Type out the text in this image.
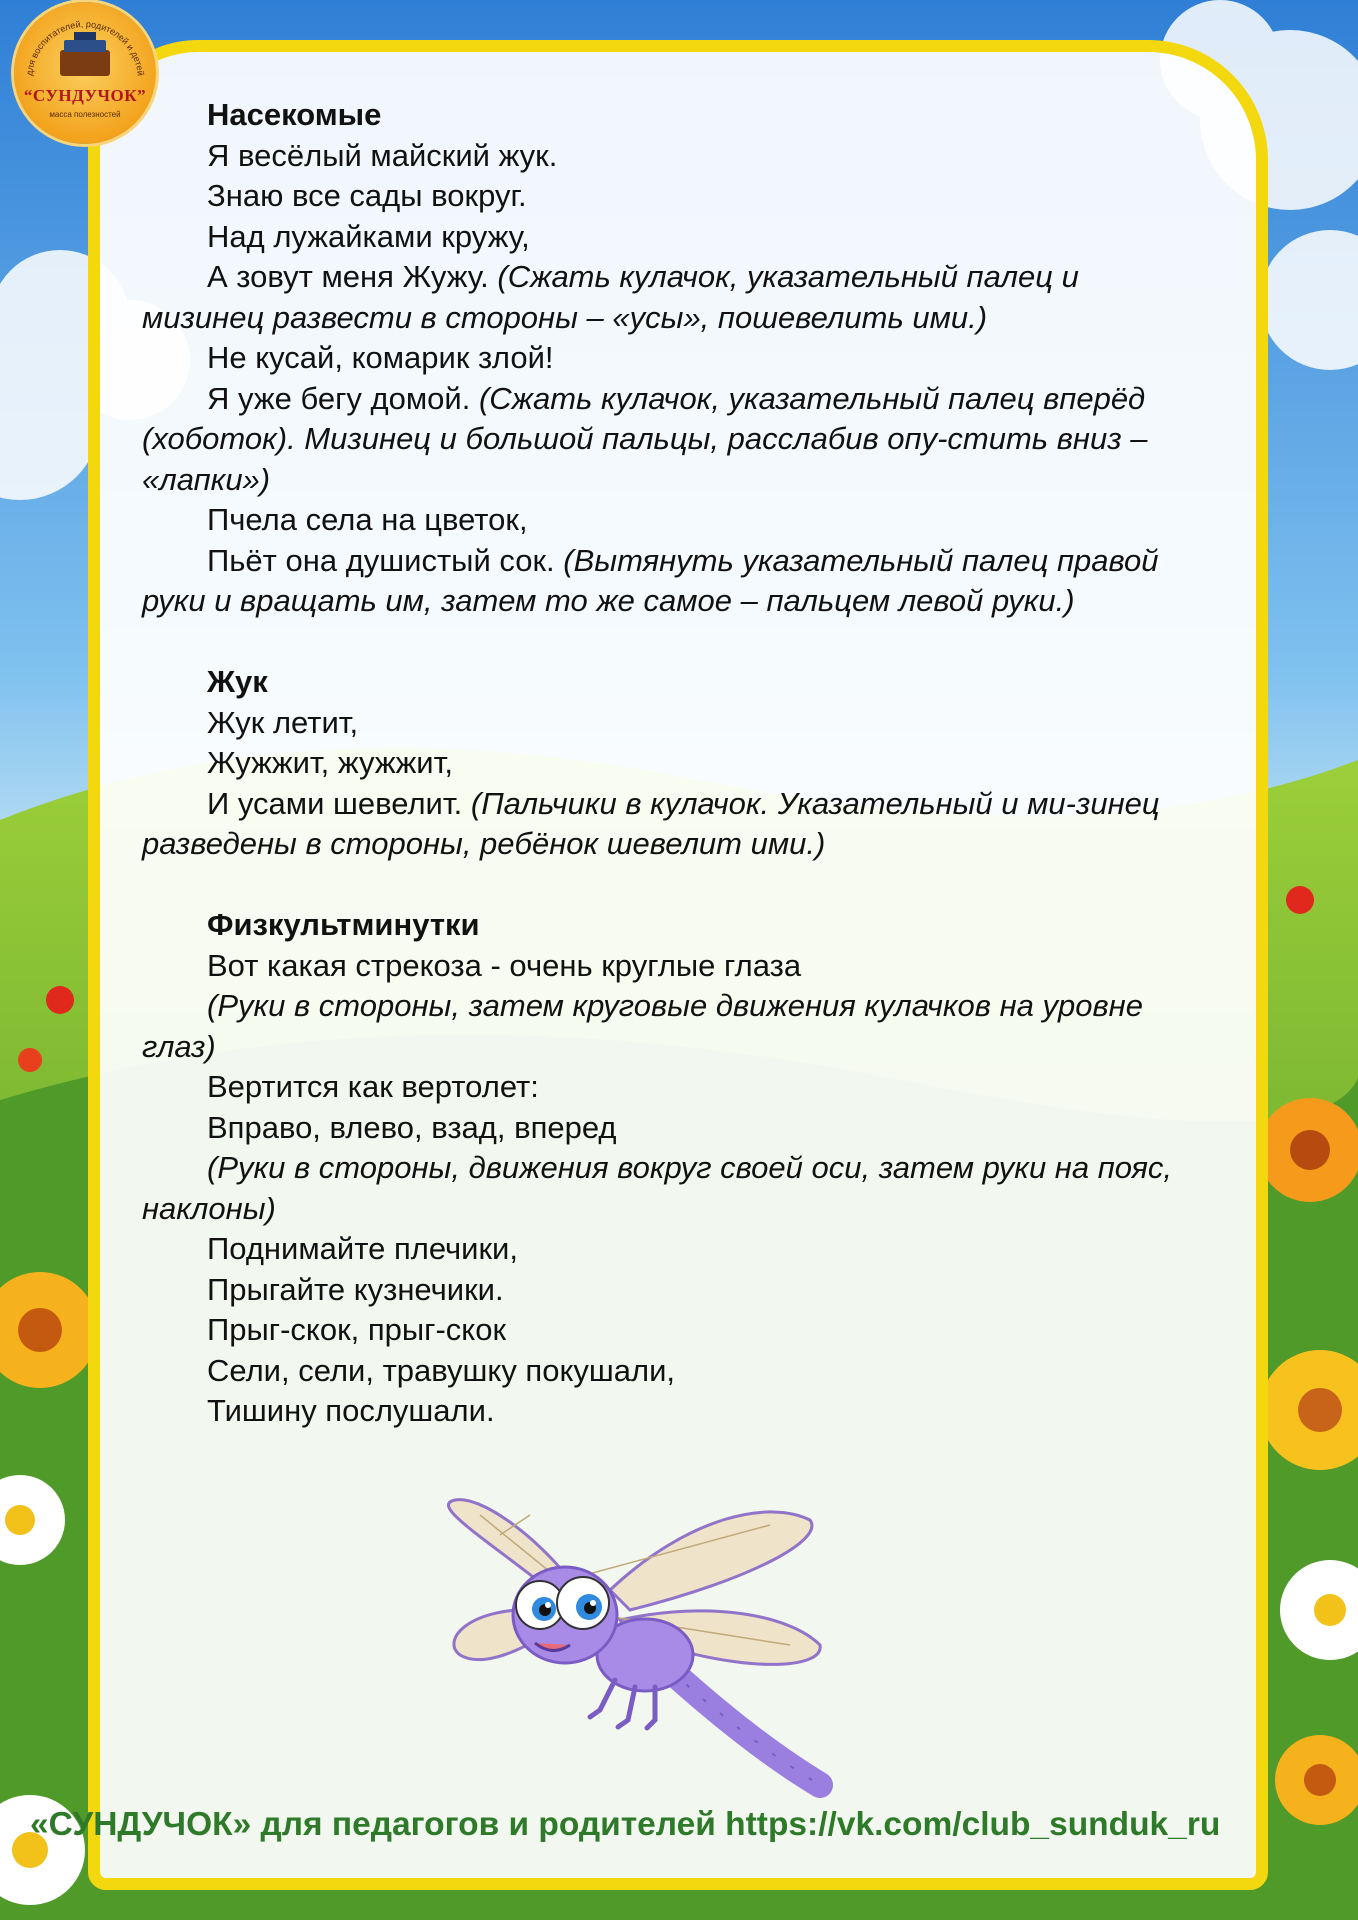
для воспитателей, родителей и детей
“СУНДУЧОК”
масса полезностей	Насекомые

Я весёлый майский жук.

Знаю все сады вокруг.

Над лужайками кружу,

А зовут меня Жужу. (Сжать кулачок, указательный палец и мизинец развести в стороны – «усы», пошевелить ими.)

Не кусай, комарик злой!

Я уже бегу домой. (Сжать кулачок, указательный палец вперёд (хоботок). Мизинец и большой пальцы, расслабив опу-стить вниз – «лапки»)

Пчела села на цветок,

Пьёт она душистый сок. (Вытянуть указательный палец правой руки и вращать им, затем то же самое – пальцем левой руки.)

Жук

Жук летит,

Жужжит, жужжит,

И усами шевелит. (Пальчики в кулачок. Указательный и ми-зинец разведены в стороны, ребёнок шевелит ими.)

Физкультминутки

Вот какая стрекоза - очень круглые глаза

(Руки в стороны, затем круговые движения кулачков на уровне глаз)

Вертится как вертолет:

Вправо, влево, взад, вперед

(Руки в стороны, движения вокруг своей оси, затем руки на пояс, наклоны)

Поднимайте плечики,

Прыгайте кузнечики.

Прыг-скок, прыг-скок

Сели, сели, травушку покушали,

Тишину послушали.

«СУНДУЧОК» для педагогов и родителей https://vk.com/club_sunduk_ru
